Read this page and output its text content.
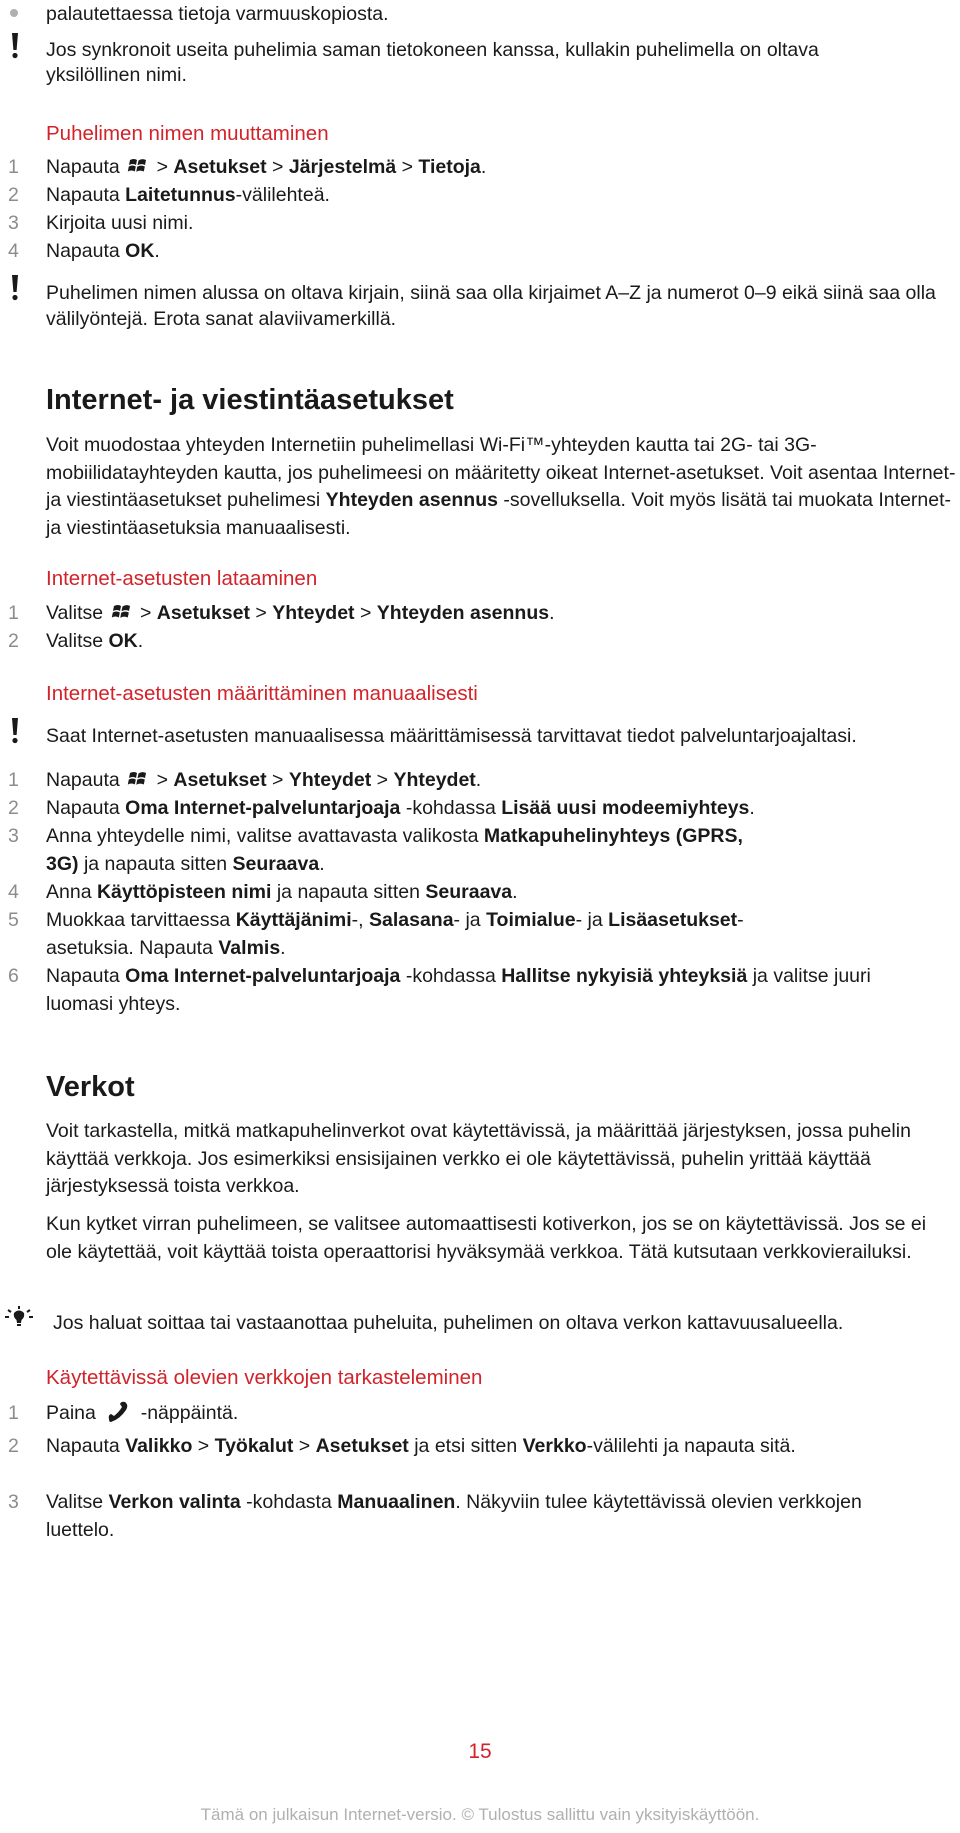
palautettaessa tietoja varmuuskopiosta.
Jos synkronoit useita puhelimia saman tietokoneen kanssa, kullakin puhelimella on oltava yksilöllinen nimi.
Puhelimen nimen muuttaminen
1 Napauta > Asetukset > Järjestelmä > Tietoja.
2 Napauta Laitetunnus-välilehteä.
3 Kirjoita uusi nimi.
4 Napauta OK.
Puhelimen nimen alussa on oltava kirjain, siinä saa olla kirjaimet A–Z ja numerot 0–9 eikä siinä saa olla välilyöntejä. Erota sanat alaviivamerkillä.
Internet- ja viestintäasetukset
Voit muodostaa yhteyden Internetiin puhelimellasi Wi-Fi™-yhteyden kautta tai 2G- tai 3G-mobiilidatayhteyden kautta, jos puhelimeesi on määritetty oikeat Internet-asetukset. Voit asentaa Internet- ja viestintäasetukset puhelimesi Yhteyden asennus -sovelluksella. Voit myös lisätä tai muokata Internet- ja viestintäasetuksia manuaalisesti.
Internet-asetusten lataaminen
1 Valitse > Asetukset > Yhteydet > Yhteyden asennus.
2 Valitse OK.
Internet-asetusten määrittäminen manuaalisesti
Saat Internet-asetusten manuaalisessa määrittämisessä tarvittavat tiedot palveluntarjoajaltasi.
1 Napauta > Asetukset > Yhteydet > Yhteydet.
2 Napauta Oma Internet-palveluntarjoaja -kohdassa Lisää uusi modeemiyhteys.
3 Anna yhteydelle nimi, valitse avattavasta valikosta Matkapuhelinyhteys (GPRS,
3G) ja napauta sitten Seuraava.
4 Anna Käyttöpisteen nimi ja napauta sitten Seuraava.
5 Muokkaa tarvittaessa Käyttäjänimi-, Salasana- ja Toimialue- ja Lisäasetukset-
asetuksia. Napauta Valmis.
6 Napauta Oma Internet-palveluntarjoaja -kohdassa Hallitse nykyisiä yhteyksiä ja valitse juuri luomasi yhteys.
Verkot
Voit tarkastella, mitkä matkapuhelinverkot ovat käytettävissä, ja määrittää järjestyksen, jossa puhelin käyttää verkkoja. Jos esimerkiksi ensisijainen verkko ei ole käytettävissä, puhelin yrittää käyttää järjestyksessä toista verkkoa.
Kun kytket virran puhelimeen, se valitsee automaattisesti kotiverkon, jos se on käytettävissä. Jos se ei ole käytettää, voit käyttää toista operaattorisi hyväksymää verkkoa. Tätä kutsutaan verkkovierailuksi.
Jos haluat soittaa tai vastaanottaa puheluita, puhelimen on oltava verkon kattavuusalueella.
Käytettävissä olevien verkkojen tarkasteleminen
1 Paina -näppäintä.
2 Napauta Valikko > Työkalut > Asetukset ja etsi sitten Verkko-välilehti ja napauta sitä.
3 Valitse Verkon valinta -kohdasta Manuaalinen. Näkyviin tulee käytettävissä olevien verkkojen luettelo.
15
Tämä on julkaisun Internet-versio. © Tulostus sallittu vain yksityiskäyttöön.
